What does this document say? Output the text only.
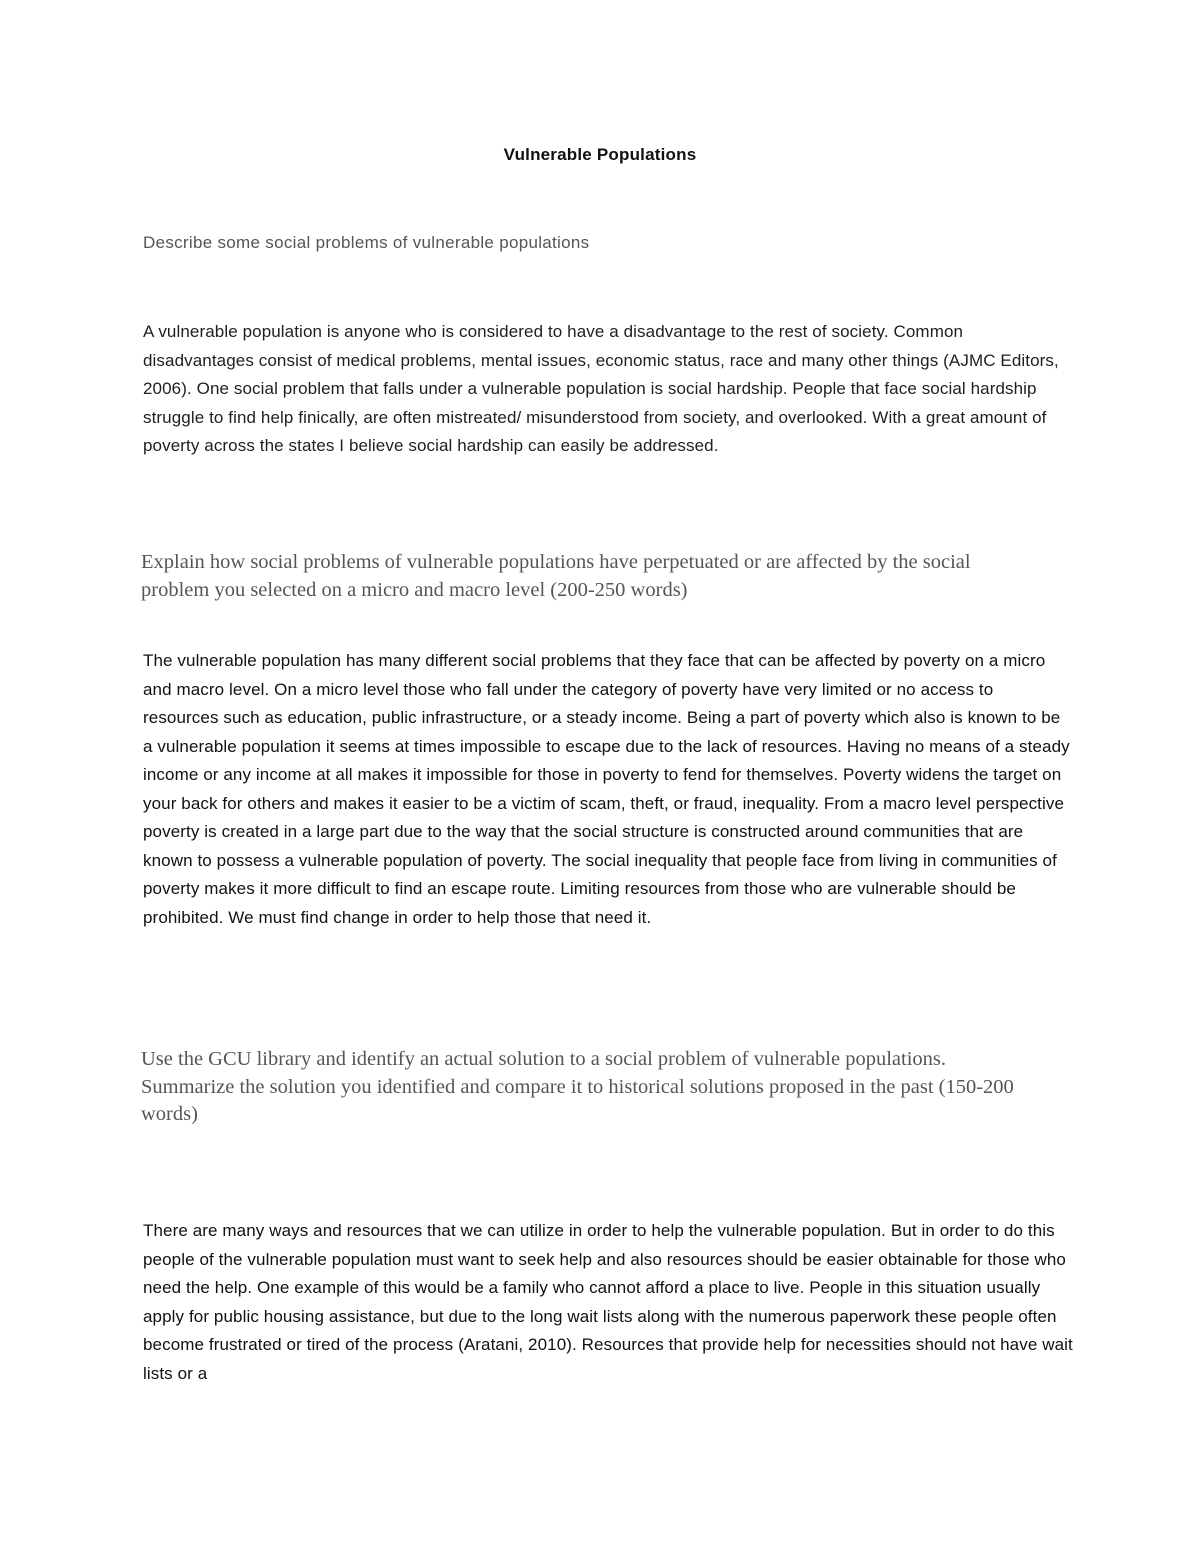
Vulnerable Populations
Describe some social problems of vulnerable populations

A vulnerable population is anyone who is considered to have a disadvantage to the rest of society. Common disadvantages consist of medical problems, mental issues, economic status, race and many other things (AJMC Editors, 2006). One social problem that falls under a vulnerable population is social hardship. People that face social hardship struggle to find help finically, are often mistreated/ misunderstood from society, and overlooked. With a great amount of poverty across the states I believe social hardship can easily be addressed.

Explain how social problems of vulnerable populations have perpetuated or are affected by the social problem you selected on a micro and macro level (200-250 words)

The vulnerable population has many different social problems that they face that can be affected by poverty on a micro and macro level. On a micro level those who fall under the category of poverty have very limited or no access to resources such as education, public infrastructure, or a steady income. Being a part of poverty which also is known to be a vulnerable population it seems at times impossible to escape due to the lack of resources. Having no means of a steady income or any income at all makes it impossible for those in poverty to fend for themselves. Poverty widens the target on your back for others and makes it easier to be a victim of scam, theft, or fraud, inequality. From a macro level perspective poverty is created in a large part due to the way that the social structure is constructed around communities that are known to possess a vulnerable population of poverty. The social inequality that people face from living in communities of poverty makes it more difficult to find an escape route. Limiting resources from those who are vulnerable should be prohibited. We must find change in order to help those that need it.

Use the GCU library and identify an actual solution to a social problem of vulnerable populations. Summarize the solution you identified and compare it to historical solutions proposed in the past (150-200 words)

There are many ways and resources that we can utilize in order to help the vulnerable population. But in order to do this people of the vulnerable population must want to seek help and also resources should be easier obtainable for those who need the help. One example of this would be a family who cannot afford a place to live. People in this situation usually apply for public housing assistance, but due to the long wait lists along with the numerous paperwork these people often become frustrated or tired of the process (Aratani, 2010). Resources that provide help for necessities should not have wait lists or a
